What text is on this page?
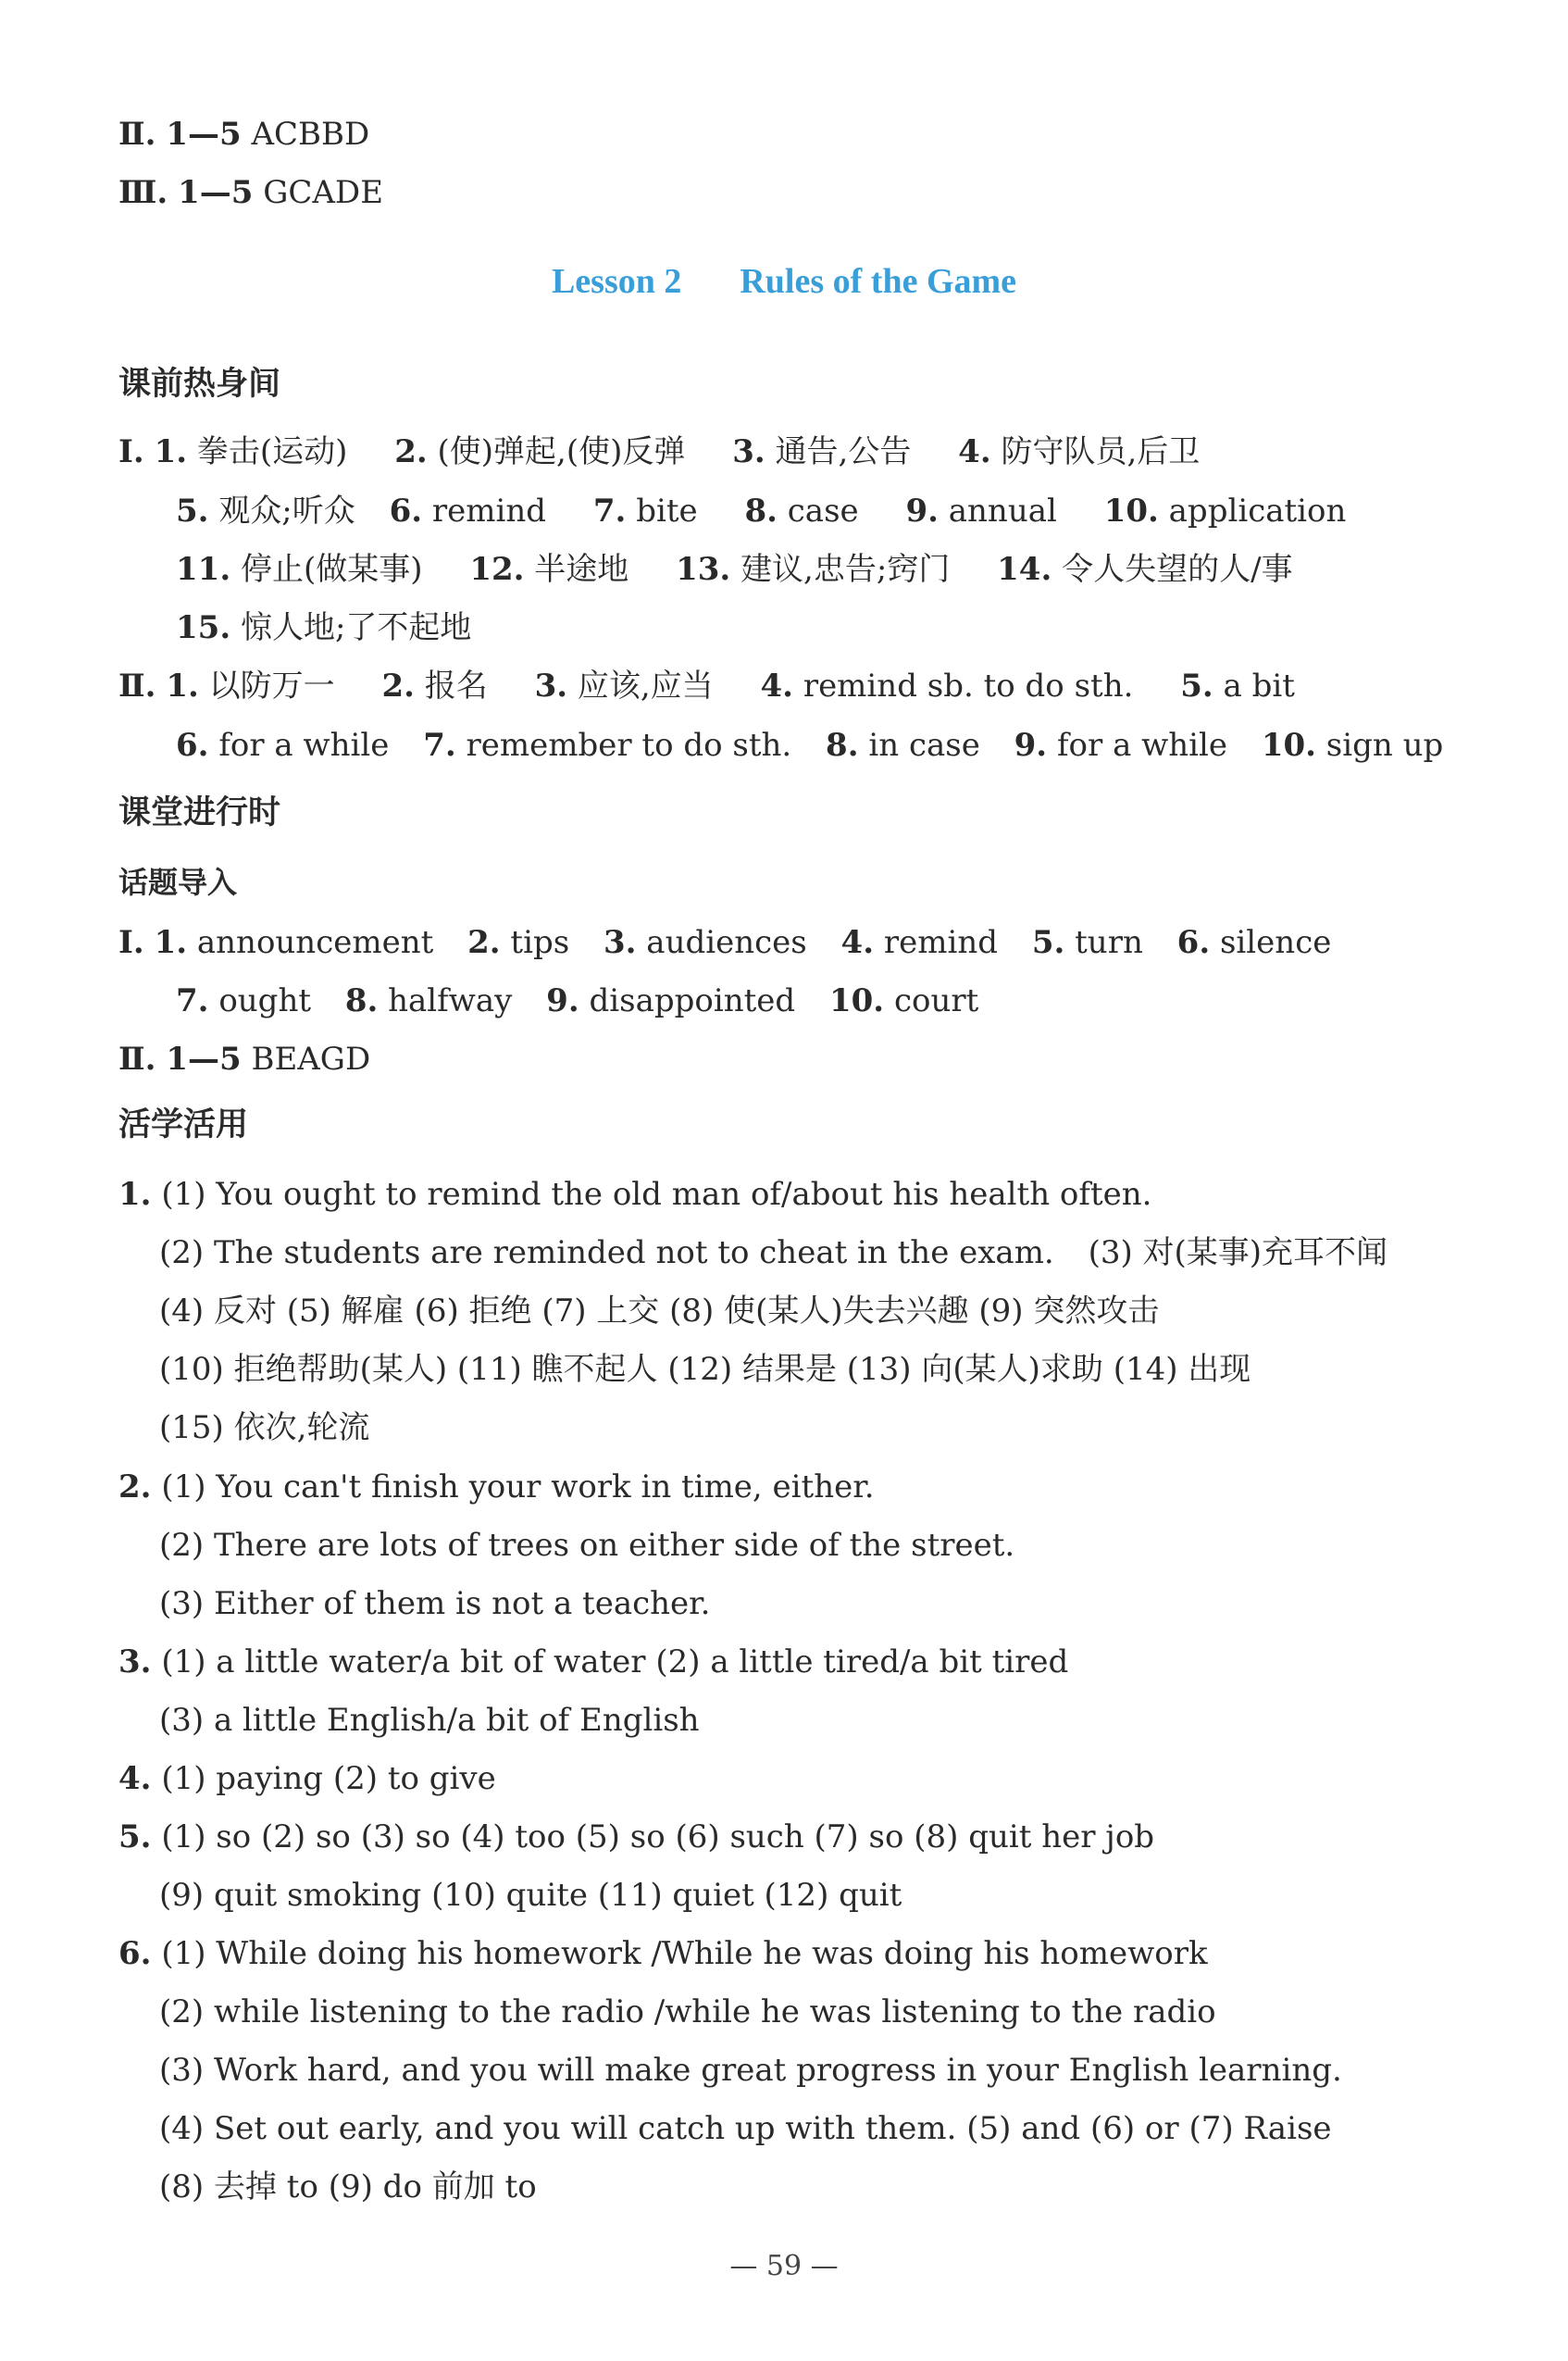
Ⅱ. 1—5 ACBBD
Ⅲ. 1—5 GCADE
Lesson 2 Rules of the Game
课前热身间
Ⅰ. 1. 拳击(运动) 2. (使)弹起,(使)反弹 3. 通告,公告 4. 防守队员,后卫
5. 观众;听众 6. remind 7. bite 8. case 9. annual 10. application
11. 停止(做某事) 12. 半途地 13. 建议,忠告;窍门 14. 令人失望的人/事
15. 惊人地;了不起地
Ⅱ. 1. 以防万一 2. 报名 3. 应该,应当 4. remind sb. to do sth. 5. a bit
6. for a while 7. remember to do sth. 8. in case 9. for a while 10. sign up
课堂进行时
话题导入
Ⅰ. 1. announcement 2. tips 3. audiences 4. remind 5. turn 6. silence
7. ought 8. halfway 9. disappointed 10. court
Ⅱ. 1—5 BEAGD
活学活用
1. (1) You ought to remind the old man of/about his health often.
(2) The students are reminded not to cheat in the exam. (3) 对(某事)充耳不闻
(4) 反对 (5) 解雇 (6) 拒绝 (7) 上交 (8) 使(某人)失去兴趣 (9) 突然攻击
(10) 拒绝帮助(某人) (11) 瞧不起人 (12) 结果是 (13) 向(某人)求助 (14) 出现
(15) 依次,轮流
2. (1) You can't finish your work in time, either.
(2) There are lots of trees on either side of the street.
(3) Either of them is not a teacher.
3. (1) a little water/a bit of water (2) a little tired/a bit tired
(3) a little English/a bit of English
4. (1) paying (2) to give
5. (1) so (2) so (3) so (4) too (5) so (6) such (7) so (8) quit her job
(9) quit smoking (10) quite (11) quiet (12) quit
6. (1) While doing his homework /While he was doing his homework
(2) while listening to the radio /while he was listening to the radio
(3) Work hard, and you will make great progress in your English learning.
(4) Set out early, and you will catch up with them. (5) and (6) or (7) Raise
(8) 去掉 to (9) do 前加 to
— 59 —
